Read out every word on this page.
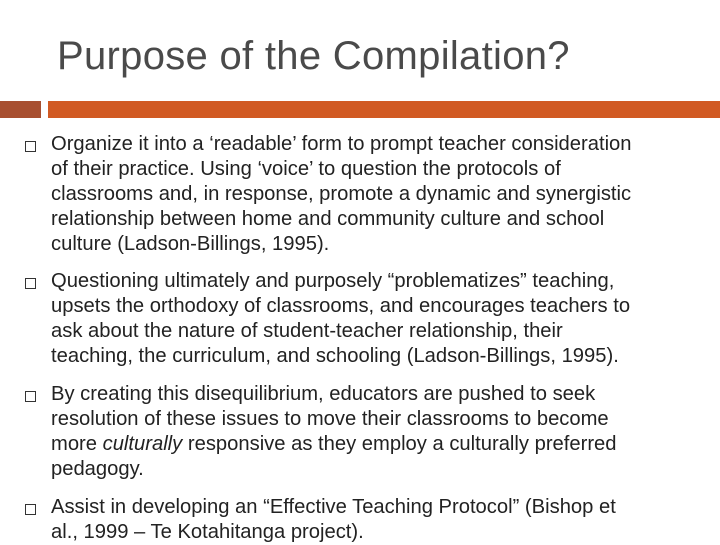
Purpose of the Compilation?

Organize it into a ‘readable’ form to prompt teacher consideration
of their practice. Using ‘voice’ to question the protocols of
classrooms and, in response, promote a dynamic and synergistic
relationship between home and community culture and school
culture (Ladson-Billings, 1995).

Questioning ultimately and purposely “problematizes” teaching,
upsets the orthodoxy of classrooms, and encourages teachers to
ask about the nature of student-teacher relationship, their
teaching, the curriculum, and schooling (Ladson-Billings, 1995).

By creating this disequilibrium, educators are pushed to seek
resolution of these issues to move their classrooms to become
more culturally responsive as they employ a culturally preferred
pedagogy.

Assist in developing an “Effective Teaching Protocol” (Bishop et
al., 1999 – Te Kotahitanga project).
